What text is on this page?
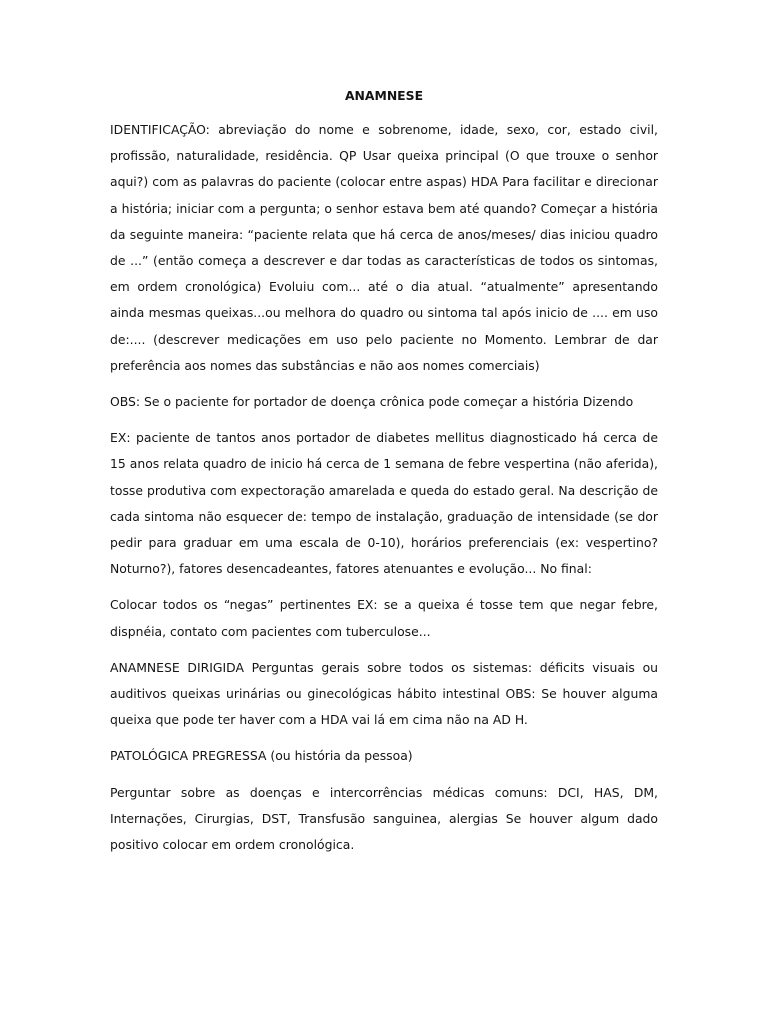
ANAMNESE

IDENTIFICAÇÃO: abreviação do nome e sobrenome, idade, sexo, cor, estado civil, profissão, naturalidade, residência. QP Usar queixa principal (O que trouxe o senhor aqui?) com as palavras do paciente (colocar entre aspas) HDA Para facilitar e direcionar a história; iniciar com a pergunta; o senhor estava bem até quando? Começar a história da seguinte maneira: “paciente relata que há cerca de anos/meses/ dias iniciou quadro de ...” (então começa a descrever e dar todas as características de todos os sintomas, em ordem cronológica) Evoluiu com... até o dia atual. “atualmente” apresentando ainda mesmas queixas...ou melhora do quadro ou sintoma tal após inicio de .... em uso de:.... (descrever medicações em uso pelo paciente no Momento. Lembrar de dar preferência aos nomes das substâncias e não aos nomes comerciais)

OBS: Se o paciente for portador de doença crônica pode começar a história Dizendo

EX: paciente de tantos anos portador de diabetes mellitus diagnosticado há cerca de 15 anos relata quadro de inicio há cerca de 1 semana de febre vespertina (não aferida), tosse produtiva com expectoração amarelada e queda do estado geral. Na descrição de cada sintoma não esquecer de: tempo de instalação, graduação de intensidade (se dor pedir para graduar em uma escala de 0-10), horários preferenciais (ex: vespertino? Noturno?), fatores desencadeantes, fatores atenuantes e evolução... No final:

Colocar todos os “negas” pertinentes EX: se a queixa é tosse tem que negar febre, dispnéia, contato com pacientes com tuberculose...

ANAMNESE DIRIGIDA Perguntas gerais sobre todos os sistemas: déficits visuais ou auditivos queixas urinárias ou ginecológicas hábito intestinal OBS: Se houver alguma queixa que pode ter haver com a HDA vai lá em cima não na AD H.

PATOLÓGICA PREGRESSA (ou história da pessoa)

Perguntar sobre as doenças e intercorrências médicas comuns: DCI, HAS, DM, Internações, Cirurgias, DST, Transfusão sanguinea, alergias Se houver algum dado positivo colocar em ordem cronológica.
